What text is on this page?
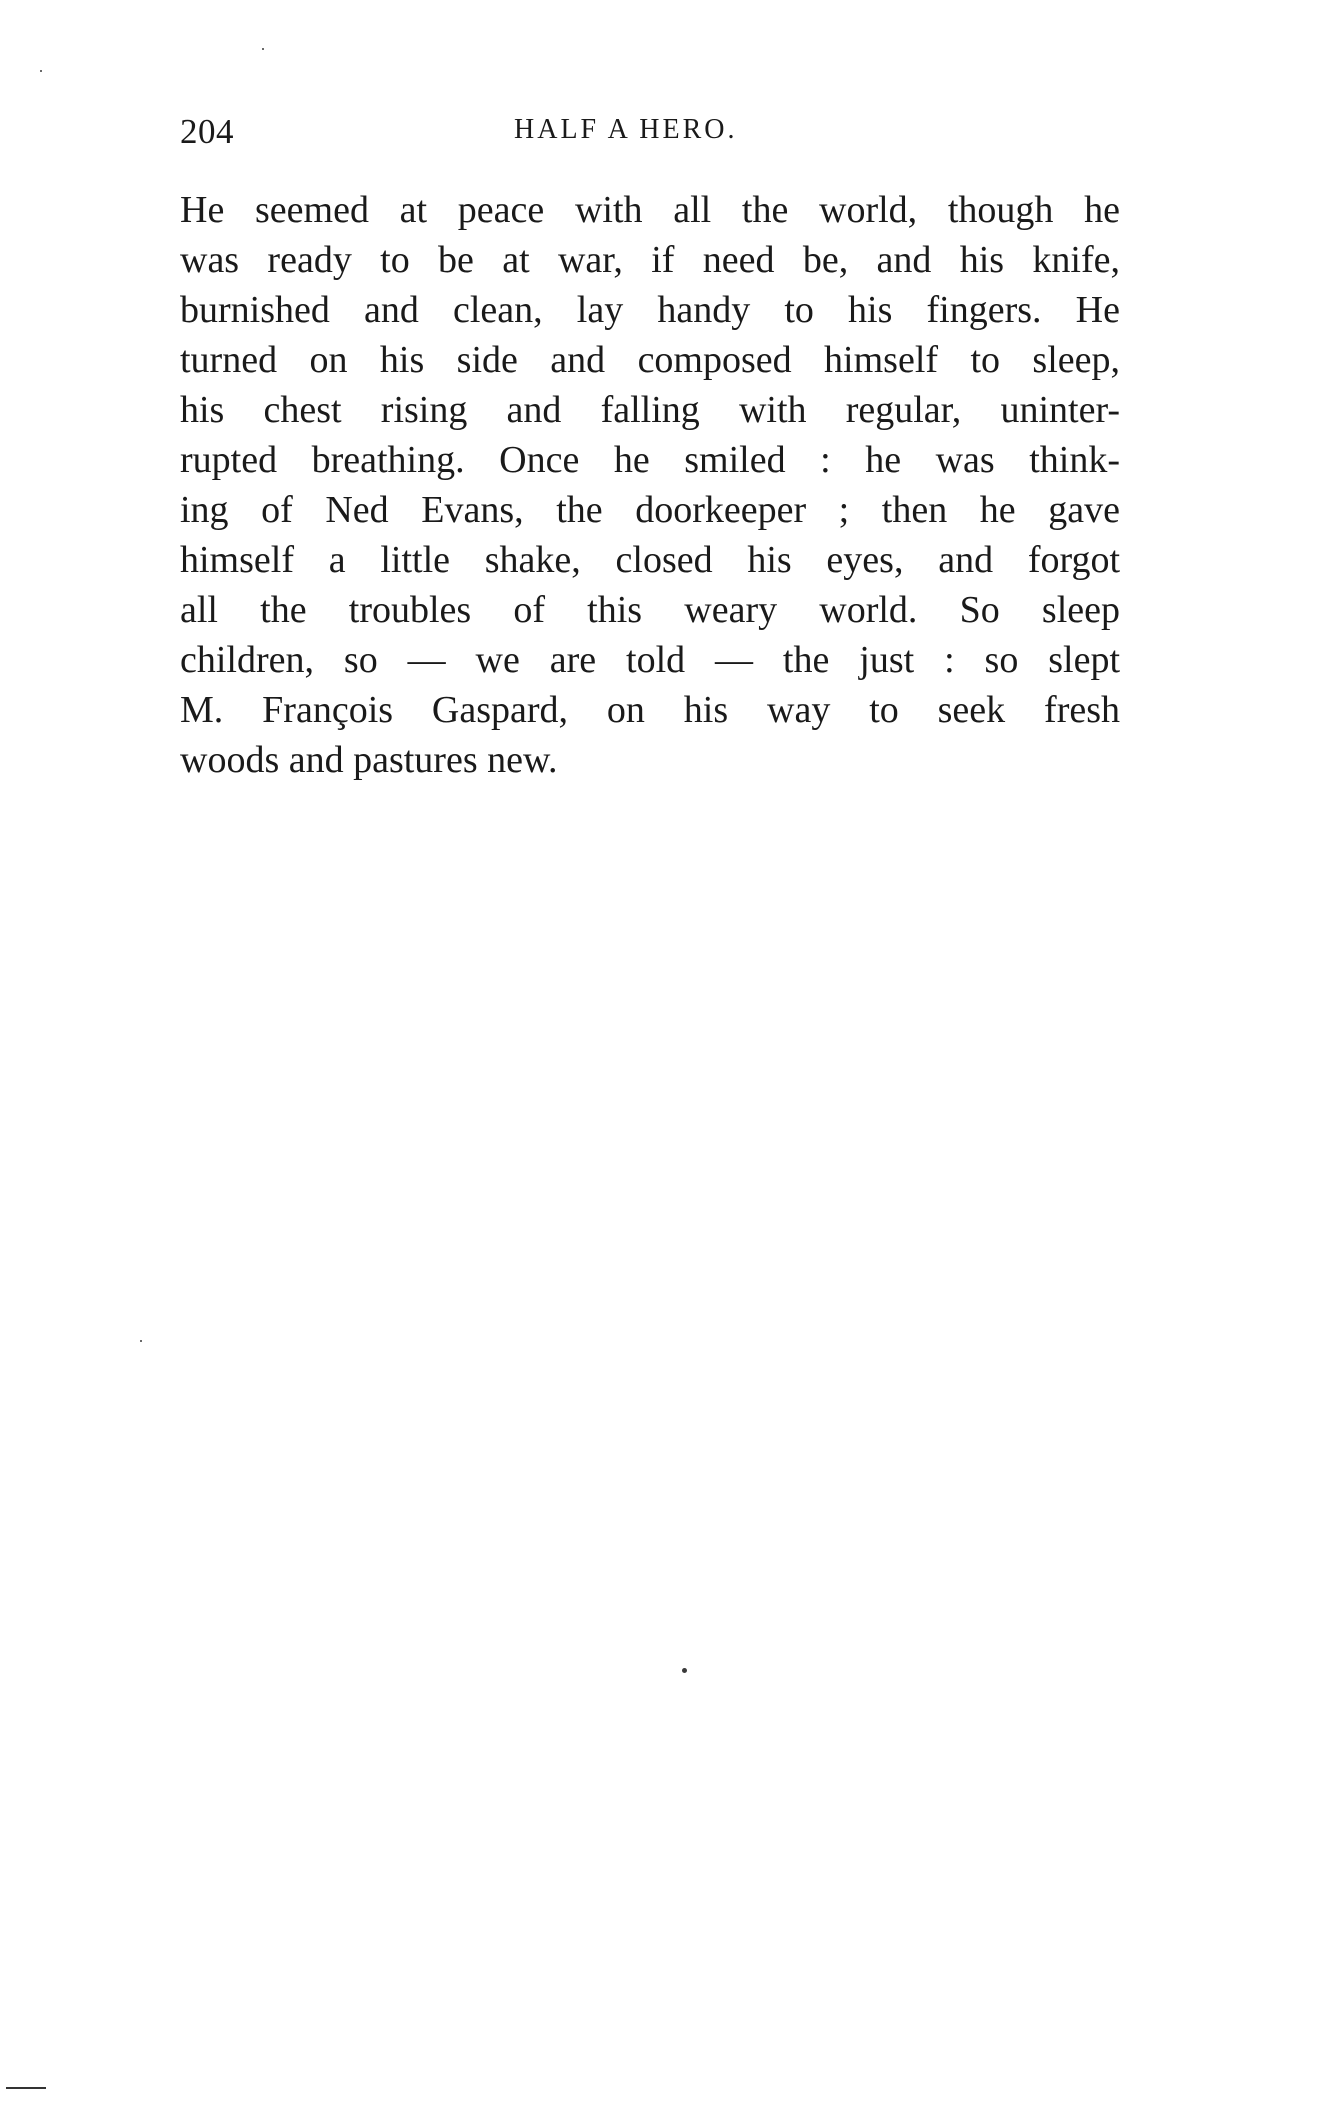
204	HALF A HERO.
He seemed at peace with all the world, though he
was ready to be at war, if need be, and his knife,
burnished and clean, lay handy to his fingers. He
turned on his side and composed himself to sleep,
his chest rising and falling with regular, uninter-
rupted breathing. Once he smiled : he was think-
ing of Ned Evans, the doorkeeper ; then he gave
himself a little shake, closed his eyes, and forgot
all the troubles of this weary world. So sleep
children, so — we are told — the just : so slept
M. François Gaspard, on his way to seek fresh
woods and pastures new.
